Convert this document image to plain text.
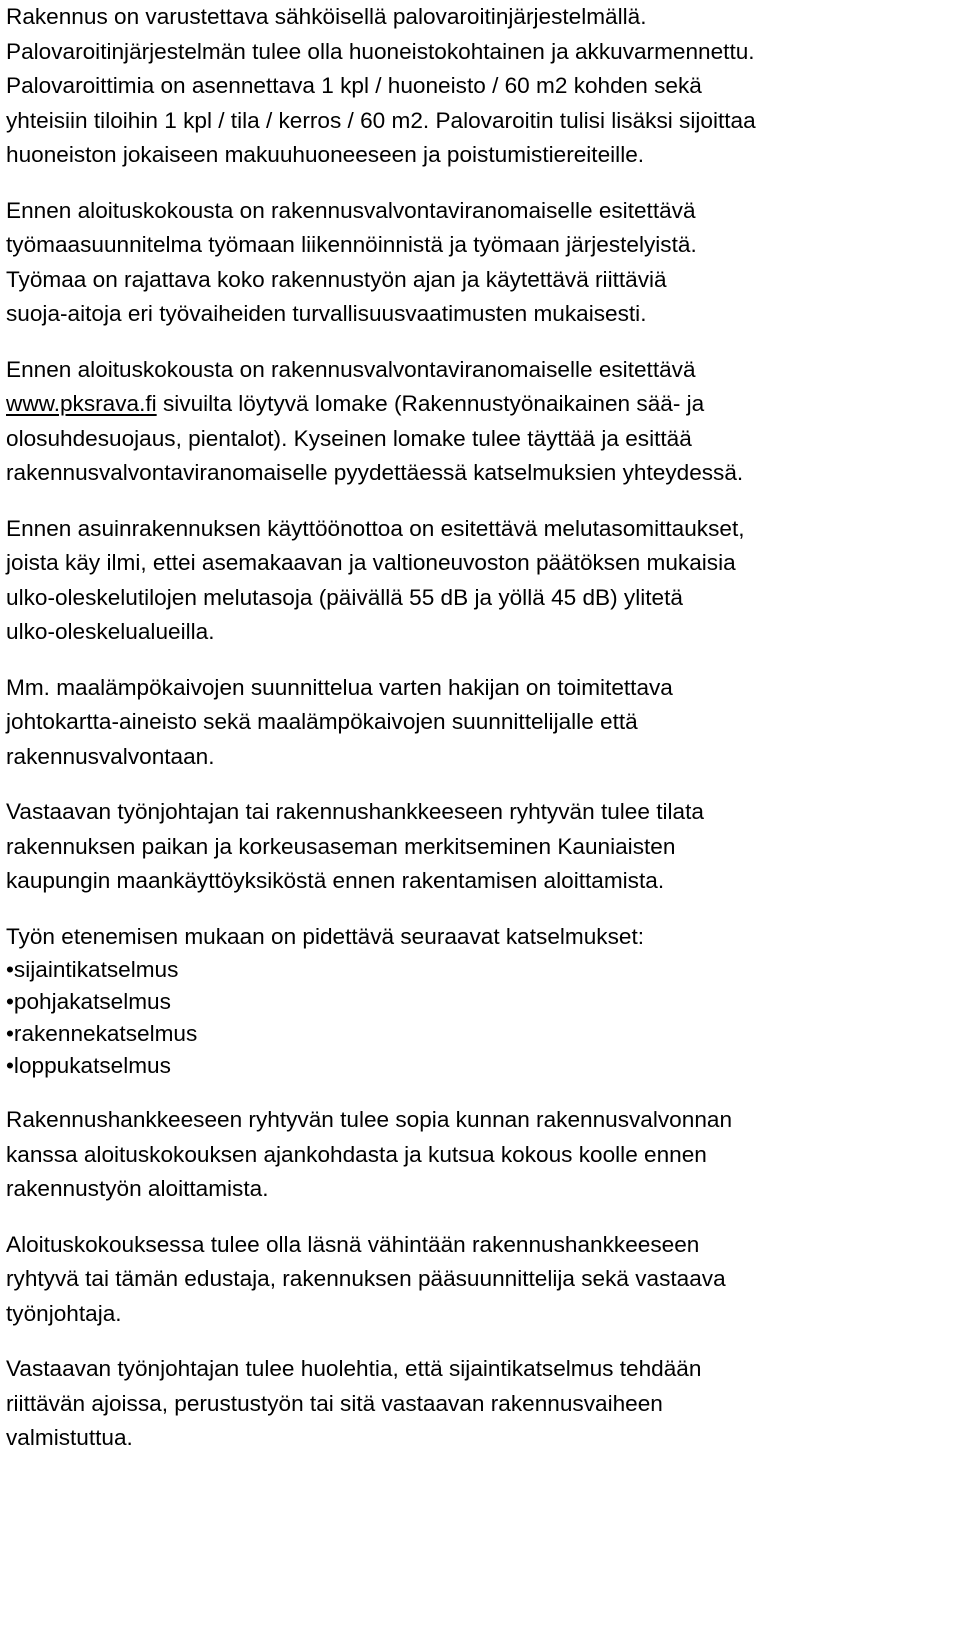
Rakennus on varustettava sähköisellä palovaroitinjärjestelmällä.
Palovaroitinjärjestelmän tulee olla huoneistokohtainen ja akkuvarmennettu.
Palovaroittimia on asennettava 1 kpl / huoneisto / 60 m2 kohden sekä
yhteisiin tiloihin 1 kpl / tila / kerros / 60 m2. Palovaroitin tulisi lisäksi sijoittaa
huoneiston jokaiseen makuuhuoneeseen ja poistumistiereiteille.

Ennen aloituskokousta on rakennusvalvontaviranomaiselle esitettävä
työmaasuunnitelma työmaan liikennöinnistä ja työmaan järjestelyistä.
Työmaa on rajattava koko rakennustyön ajan ja käytettävä riittäviä
suoja-aitoja eri työvaiheiden turvallisuusvaatimusten mukaisesti.

Ennen aloituskokousta on rakennusvalvontaviranomaiselle esitettävä
www.pksrava.fi sivuilta löytyvä lomake (Rakennustyönaikainen sää- ja
olosuhdesuojaus, pientalot). Kyseinen lomake tulee täyttää ja esittää
rakennusvalvontaviranomaiselle pyydettäessä katselmuksien yhteydessä.

Ennen asuinrakennuksen käyttöönottoa on esitettävä melutasomittaukset,
joista käy ilmi, ettei asemakaavan ja valtioneuvoston päätöksen mukaisia
ulko-oleskelutilojen melutasoja (päivällä 55 dB ja yöllä 45 dB) ylitetä
ulko-oleskelualueilla.

Mm. maalämpökaivojen suunnittelua varten hakijan on toimitettava
johtokartta-aineisto sekä maalämpökaivojen suunnittelijalle että
rakennusvalvontaan.

Vastaavan työnjohtajan tai rakennushankkeeseen ryhtyvän tulee tilata
rakennuksen paikan ja korkeusaseman merkitseminen Kauniaisten
kaupungin maankäyttöyksiköstä ennen rakentamisen aloittamista.

Työn etenemisen mukaan on pidettävä seuraavat katselmukset:

•sijaintikatselmus
•pohjakatselmus
•rakennekatselmus
•loppukatselmus

Rakennushankkeeseen ryhtyvän tulee sopia kunnan rakennusvalvonnan
kanssa aloituskokouksen ajankohdasta ja kutsua kokous koolle ennen
rakennustyön aloittamista.

Aloituskokouksessa tulee olla läsnä vähintään rakennushankkeeseen
ryhtyvä tai tämän edustaja, rakennuksen pääsuunnittelija sekä vastaava
työnjohtaja.

Vastaavan työnjohtajan tulee huolehtia, että sijaintikatselmus tehdään
riittävän ajoissa, perustustyön tai sitä vastaavan rakennusvaiheen
valmistuttua.
